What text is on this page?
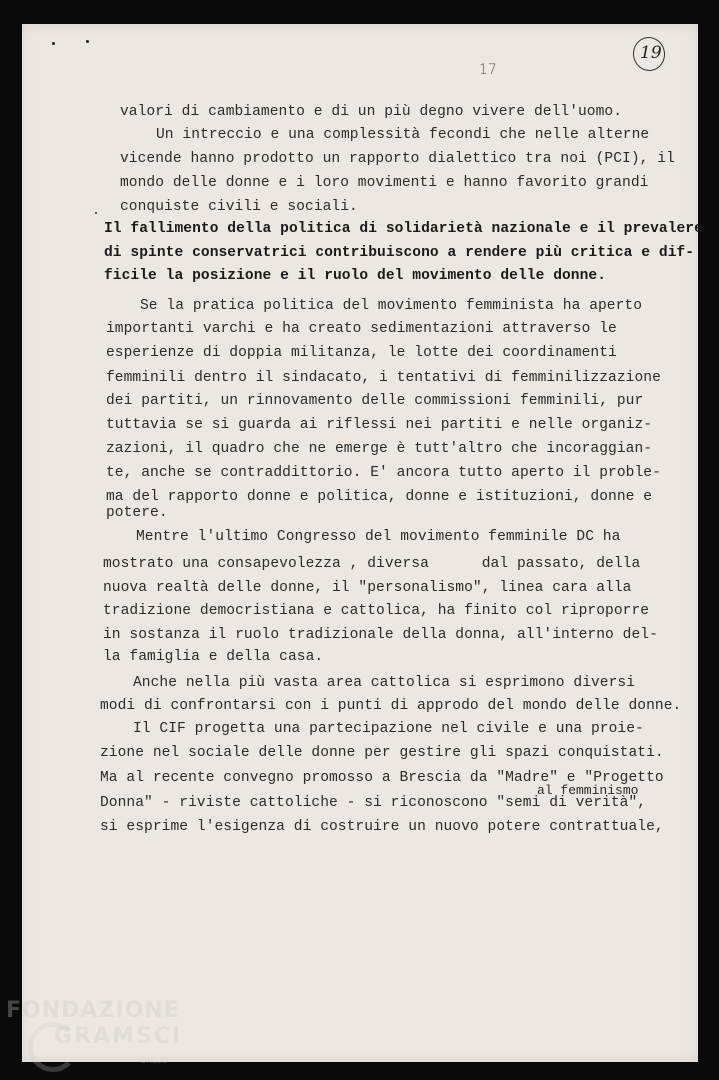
17
19
valori di cambiamento e di un più degno vivere dell'uomo.
Un intreccio e una complessità fecondi che nelle alterne
vicende hanno prodotto un rapporto dialettico tra noi (PCI), il
mondo delle donne e i loro movimenti e hanno favorito grandi
conquiste civili e sociali.
Il fallimento della politica di solidarietà nazionale e il prevalere
di spinte conservatrici contribuiscono a rendere più critica e dif-
ficile la posizione e il ruolo del movimento delle donne.
Se la pratica politica del movimento femminista ha aperto
importanti varchi e ha creato sedimentazioni attraverso le
esperienze di doppia militanza, le lotte dei coordinamenti
femminili dentro il sindacato, i tentativi di femminilizzazione
dei partiti, un rinnovamento delle commissioni femminili, pur
tuttavia se si guarda ai riflessi nei partiti e nelle organiz-
zazioni, il quadro che ne emerge è tutt'altro che incoraggian-
te, anche se contraddittorio. E' ancora tutto aperto il proble-
ma del rapporto donne e politica, donne e istituzioni, donne e
potere.
Mentre l'ultimo Congresso del movimento femminile DC ha
mostrato una consapevolezza , diversa      dal passato, della
nuova realtà delle donne, il "personalismo", linea cara alla
tradizione democristiana e cattolica, ha finito col riproporre
in sostanza il ruolo tradizionale della donna, all'interno del-
la famiglia e della casa.
Anche nella più vasta area cattolica si esprimono diversi
modi di confrontarsi con i punti di approdo del mondo delle donne.
Il CIF progetta una partecipazione nel civile e una proie-
zione nel sociale delle donne per gestire gli spazi conquistati.
Ma al recente convegno promosso a Brescia da "Madre" e "Progetto
al femminismo
Donna" - riviste cattoliche - si riconoscono "semi di verità",
si esprime l'esigenza di costruire un nuovo potere contrattuale,
FONDAZIONE
GRAMSCI
ONLUS
